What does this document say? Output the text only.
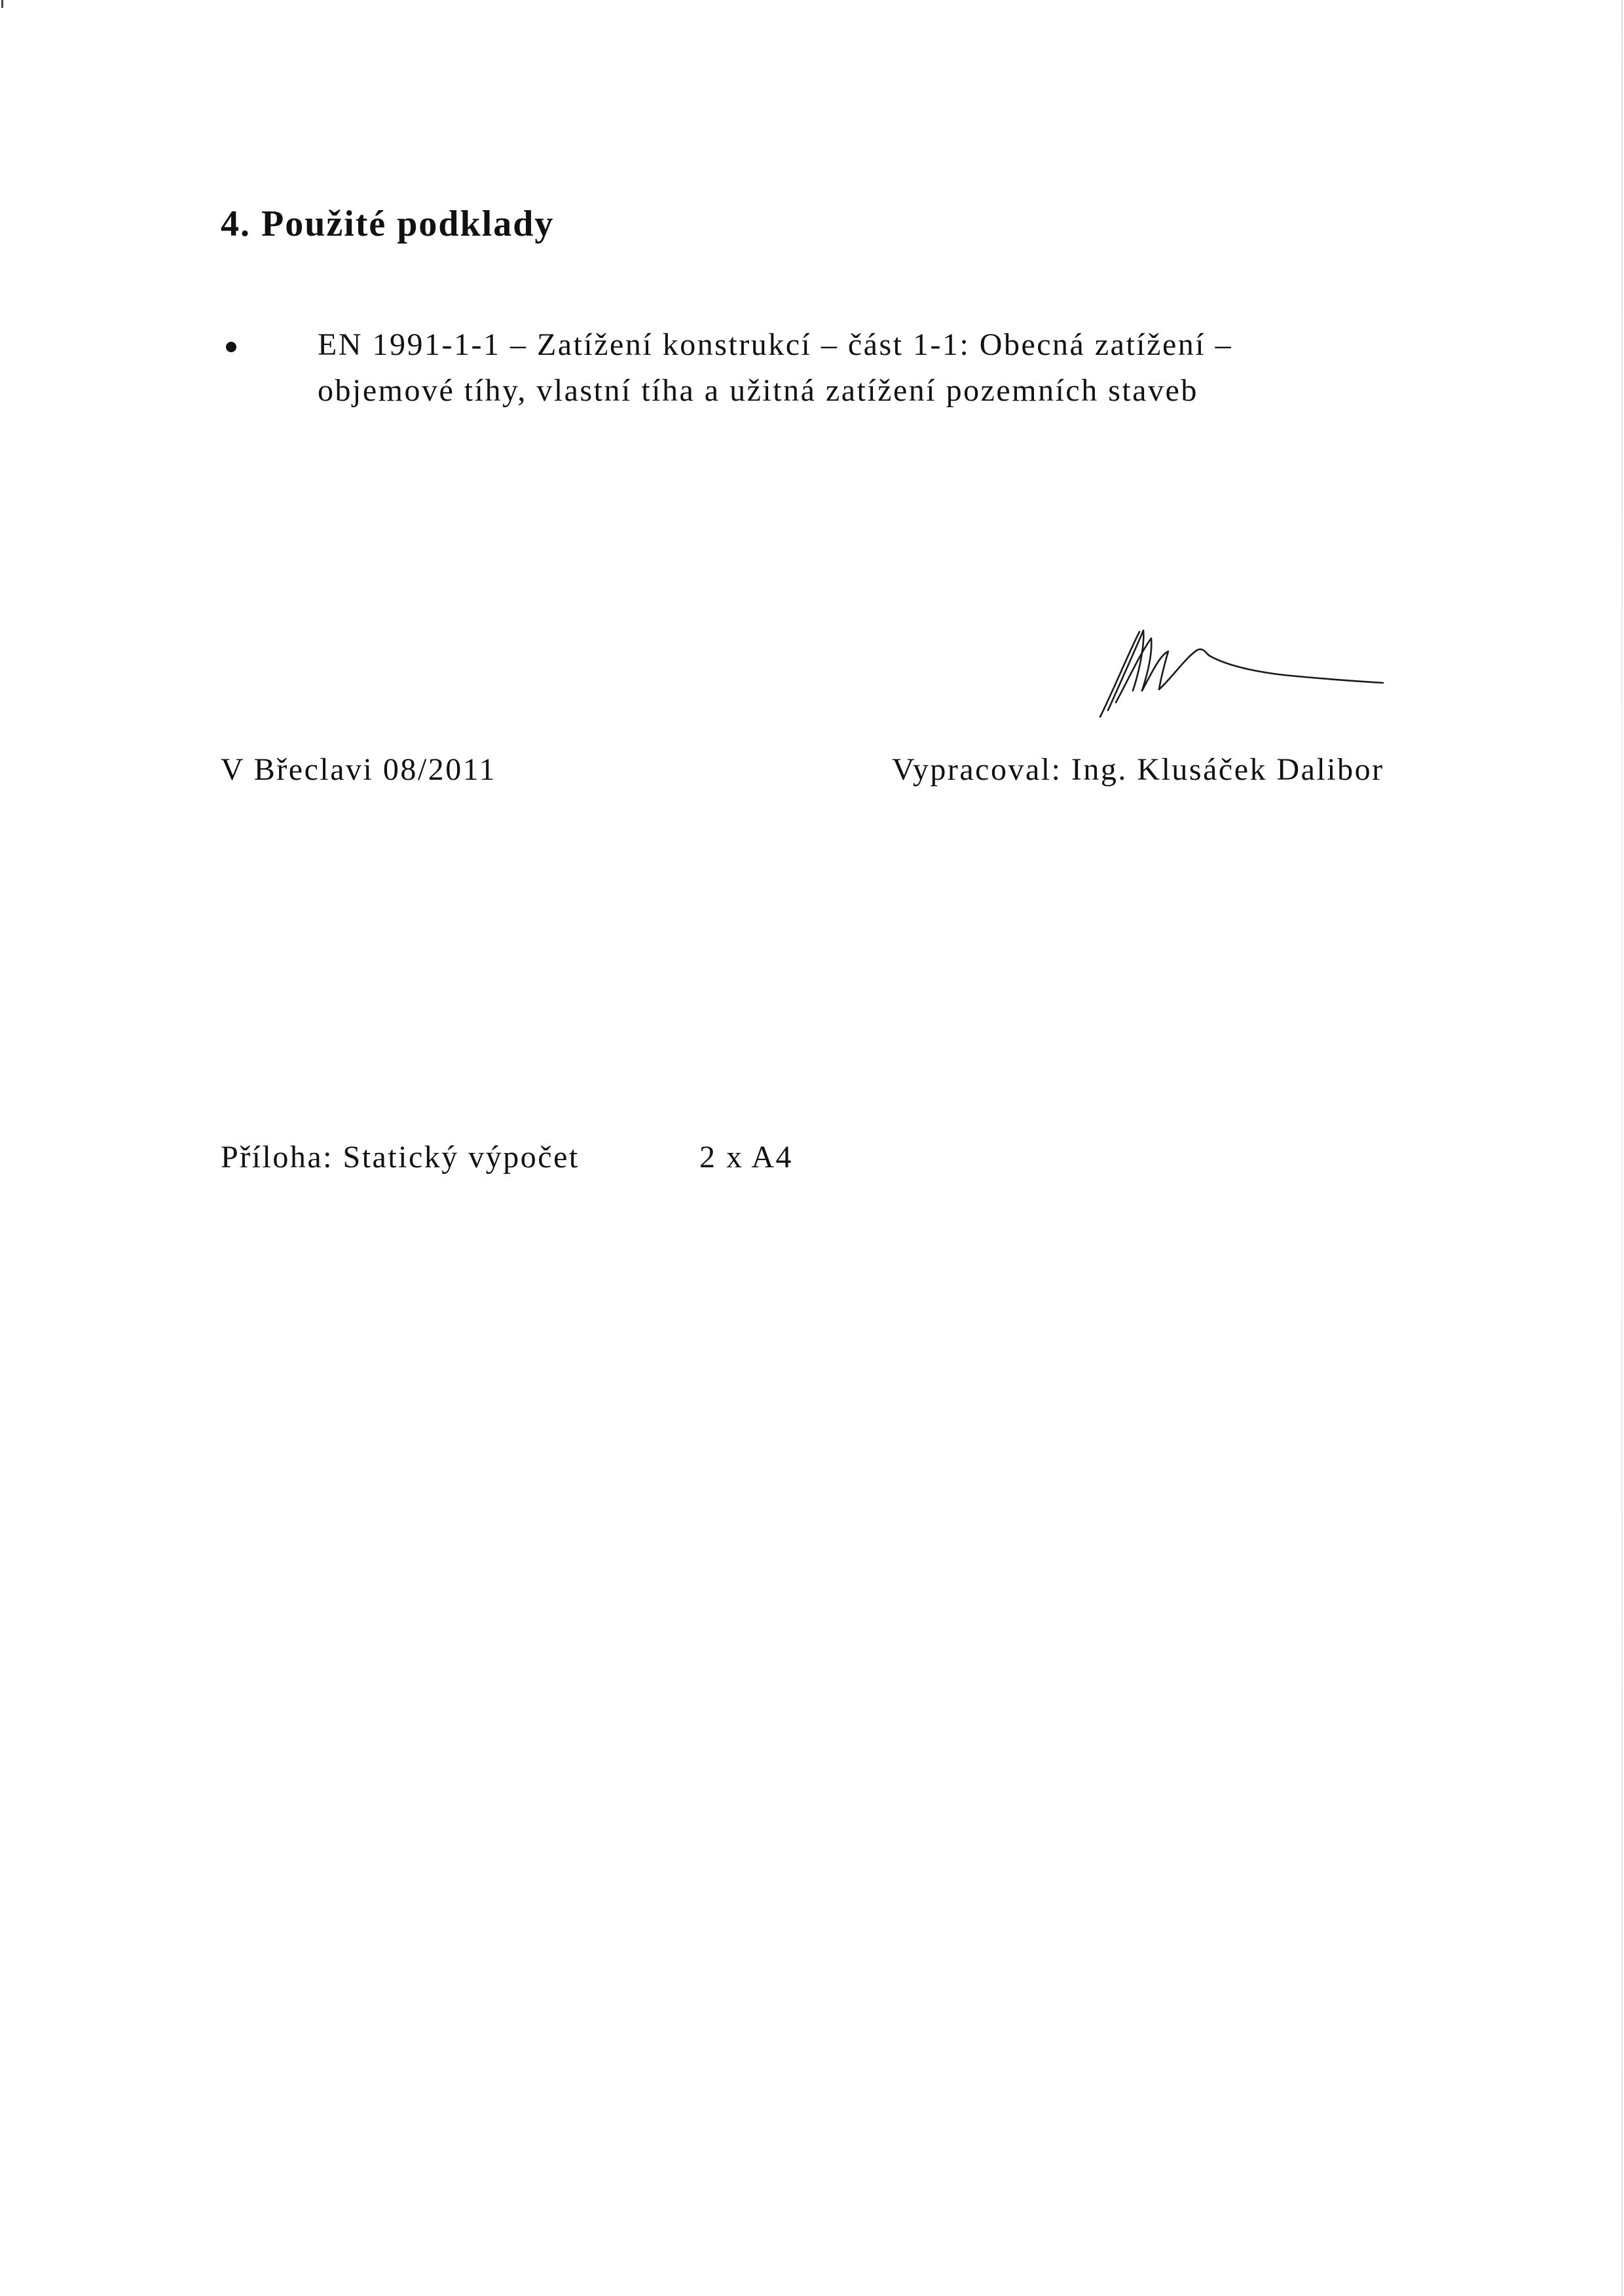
4. Použité podklady
EN 1991-1-1 – Zatížení konstrukcí – část 1-1: Obecná zatížení –
objemové tíhy, vlastní tíha a užitná zatížení pozemních staveb
V Břeclavi 08/2011	Vypracoval: Ing. Klusáček Dalibor
Příloha: Statický výpočet	2 x A4
